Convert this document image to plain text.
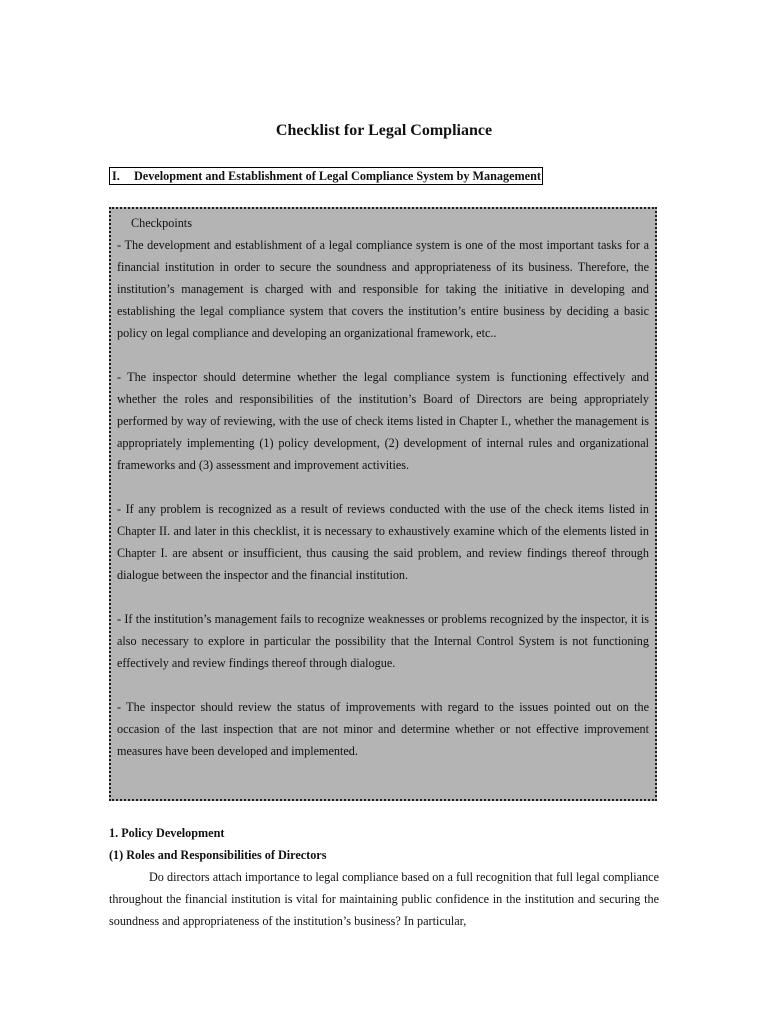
Checklist for Legal Compliance
I. Development and Establishment of Legal Compliance System by Management
Checkpoints

- The development and establishment of a legal compliance system is one of the most important tasks for a financial institution in order to secure the soundness and appropriateness of its business. Therefore, the institution’s management is charged with and responsible for taking the initiative in developing and establishing the legal compliance system that covers the institution’s entire business by deciding a basic policy on legal compliance and developing an organizational framework, etc..

- The inspector should determine whether the legal compliance system is functioning effectively and whether the roles and responsibilities of the institution’s Board of Directors are being appropriately performed by way of reviewing, with the use of check items listed in Chapter I., whether the management is appropriately implementing (1) policy development, (2) development of internal rules and organizational frameworks and (3) assessment and improvement activities.

- If any problem is recognized as a result of reviews conducted with the use of the check items listed in Chapter II. and later in this checklist, it is necessary to exhaustively examine which of the elements listed in Chapter I. are absent or insufficient, thus causing the said problem, and review findings thereof through dialogue between the inspector and the financial institution.

- If the institution’s management fails to recognize weaknesses or problems recognized by the inspector, it is also necessary to explore in particular the possibility that the Internal Control System is not functioning effectively and review findings thereof through dialogue.

- The inspector should review the status of improvements with regard to the issues pointed out on the occasion of the last inspection that are not minor and determine whether or not effective improvement measures have been developed and implemented.

1. Policy Development
(1) Roles and Responsibilities of Directors

Do directors attach importance to legal compliance based on a full recognition that full legal compliance throughout the financial institution is vital for maintaining public confidence in the institution and securing the soundness and appropriateness of the institution’s business? In particular,
